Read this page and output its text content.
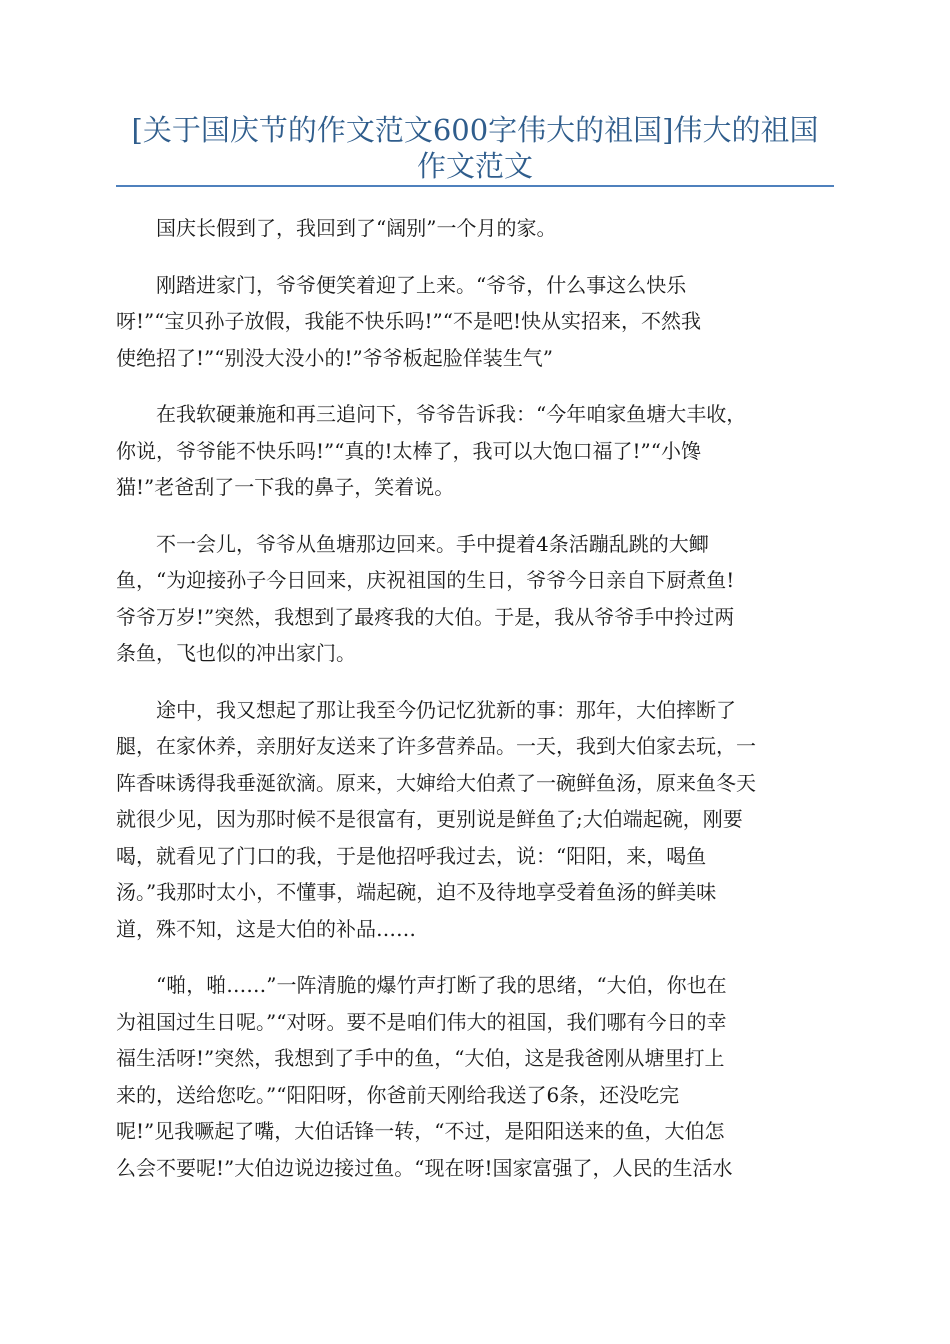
[关于国庆节的作文范文600字伟大的祖国]伟大的祖国
作文范文

国庆长假到了，我回到了“阔别”一个月的家。

刚踏进家门，爷爷便笑着迎了上来。“爷爷，什么事这么快乐
呀!”“宝贝孙子放假，我能不快乐吗!”“不是吧!快从实招来，不然我
使绝招了!”“别没大没小的!”爷爷板起脸佯装生气”

在我软硬兼施和再三追问下，爷爷告诉我：“今年咱家鱼塘大丰收，
你说，爷爷能不快乐吗!”“真的!太棒了，我可以大饱口福了!”“小馋
猫!”老爸刮了一下我的鼻子，笑着说。

不一会儿，爷爷从鱼塘那边回来。手中提着4条活蹦乱跳的大鲫
鱼，“为迎接孙子今日回来，庆祝祖国的生日，爷爷今日亲自下厨煮鱼!
爷爷万岁!”突然，我想到了最疼我的大伯。于是，我从爷爷手中拎过两
条鱼，飞也似的冲出家门。

途中，我又想起了那让我至今仍记忆犹新的事：那年，大伯摔断了
腿，在家休养，亲朋好友送来了许多营养品。一天，我到大伯家去玩，一
阵香味诱得我垂涎欲滴。原来，大婶给大伯煮了一碗鲜鱼汤，原来鱼冬天
就很少见，因为那时候不是很富有，更别说是鲜鱼了;大伯端起碗，刚要
喝，就看见了门口的我，于是他招呼我过去，说：“阳阳，来，喝鱼
汤。”我那时太小，不懂事，端起碗，迫不及待地享受着鱼汤的鲜美味
道，殊不知，这是大伯的补品……

“啪，啪……”一阵清脆的爆竹声打断了我的思绪，“大伯，你也在
为祖国过生日呢。”“对呀。要不是咱们伟大的祖国，我们哪有今日的幸
福生活呀!”突然，我想到了手中的鱼，“大伯，这是我爸刚从塘里打上
来的，送给您吃。”“阳阳呀，你爸前天刚给我送了6条，还没吃完
呢!”见我噘起了嘴，大伯话锋一转，“不过，是阳阳送来的鱼，大伯怎
么会不要呢!”大伯边说边接过鱼。“现在呀!国家富强了，人民的生活水
